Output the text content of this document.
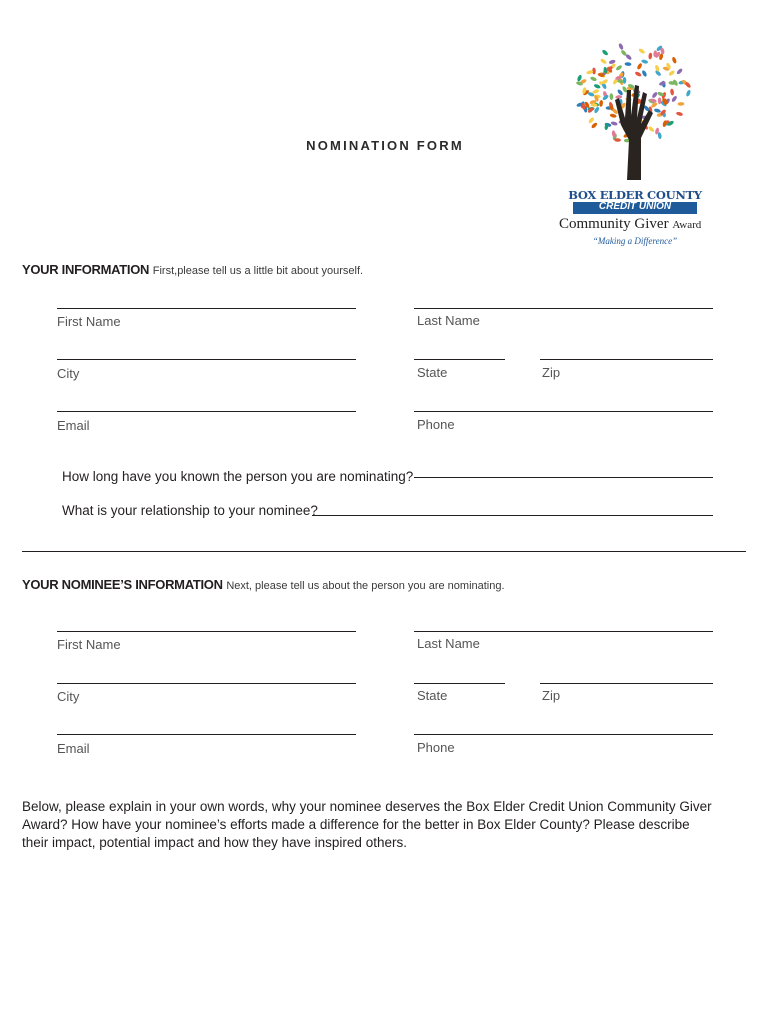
BOX ELDER COUNTY
CREDIT UNION
Community Giver Award
“Making a Difference”
NOMINATION FORM
YOUR INFORMATION First,please tell us a little bit about yourself.
First Name	Last Name
City	State	Zip
Email	Phone
How long have you known the person you are nominating?
What is your relationship to your nominee?
YOUR NOMINEE’S INFORMATION Next, please tell us about the person you are nominating.
First Name	Last Name
City	State	Zip
Email	Phone
Below, please explain in your own words, why your nominee deserves the Box Elder Credit Union Community Giver Award? How have your nominee’s efforts made a difference for the better in Box Elder County? Please describe their impact, potential impact and how they have inspired others.
